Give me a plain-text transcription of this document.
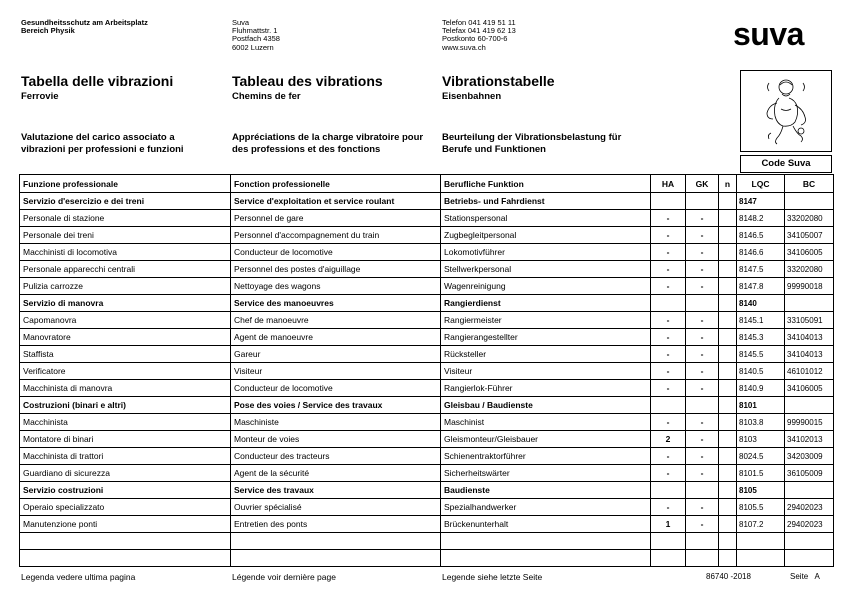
Gesundheitsschutz am Arbeitsplatz
Bereich Physik
Suva
Fluhmattstr. 1
Postfach 4358
6002 Luzern
Telefon 041 419 51 11
Telefax 041 419 62 13
Postkonto 60-700-6
www.suva.ch	suva
Tabella delle vibrazioni	Tableau des vibrations	Vibrationstabelle
Ferrovie	Chemins de fer	Eisenbahnen
Valutazione del carico associato a
vibrazioni per professioni e funzioni
Appréciations de la charge vibratoire pour
des professions et des fonctions
Beurteilung der Vibrationsbelastung für
Berufe und Funktionen
Code Suva
Funzione professionale	Fonction professionelle	Berufliche Funktion	HA	GK	n	LQC	BC
Servizio d'esercizio e dei treni	Service d'exploitation et service roulant	Betriebs- und Fahrdienst				8147	
Personale di stazione	Personnel de gare	Stationspersonal	-	-		8148.2	33202080
Personale dei treni	Personnel d'accompagnement du train	Zugbegleitpersonal	-	-		8146.5	34105007
Macchinisti di locomotiva	Conducteur de locomotive	Lokomotivführer	-	-		8146.6	34106005
Personale apparecchi centrali	Personnel des postes d'aiguillage	Stellwerkpersonal	-	-		8147.5	33202080
Pulizia carrozze	Nettoyage des wagons	Wagenreinigung	-	-		8147.8	99990018
Servizio di manovra	Service des manoeuvres	Rangierdienst				8140	
Capomanovra	Chef de manoeuvre	Rangiermeister	-	-		8145.1	33105091
Manovratore	Agent de manoeuvre	Rangierangestellter	-	-		8145.3	34104013
Staffista	Gareur	Rücksteller	-	-		8145.5	34104013
Verificatore	Visiteur	Visiteur	-	-		8140.5	46101012
Macchinista di manovra	Conducteur de locomotive	Rangierlok-Führer	-	-		8140.9	34106005
Costruzioni (binari e altri)	Pose des voies / Service des travaux	Gleisbau / Baudienste				8101	
Macchinista	Maschiniste	Maschinist	-	-		8103.8	99990015
Montatore di binari	Monteur de voies	Gleismonteur/Gleisbauer	2	-		8103	34102013
Macchinista di trattori	Conducteur des tracteurs	Schienentraktorführer	-	-		8024.5	34203009
Guardiano di sicurezza	Agent de la sécurité	Sicherheitswärter	-	-		8101.5	36105009
Servizio costruzioni	Service des travaux	Baudienste				8105	
Operaio specializzato	Ouvrier spécialisé	Spezialhandwerker	-	-		8105.5	29402023
Manutenzione ponti	Entretien des ponts	Brückenunterhalt	1	-		8107.2	29402023

Legenda vedere ultima pagina	Légende voir dernière page	Legende siehe letzte Seite	86740 -2018	Seite   A
